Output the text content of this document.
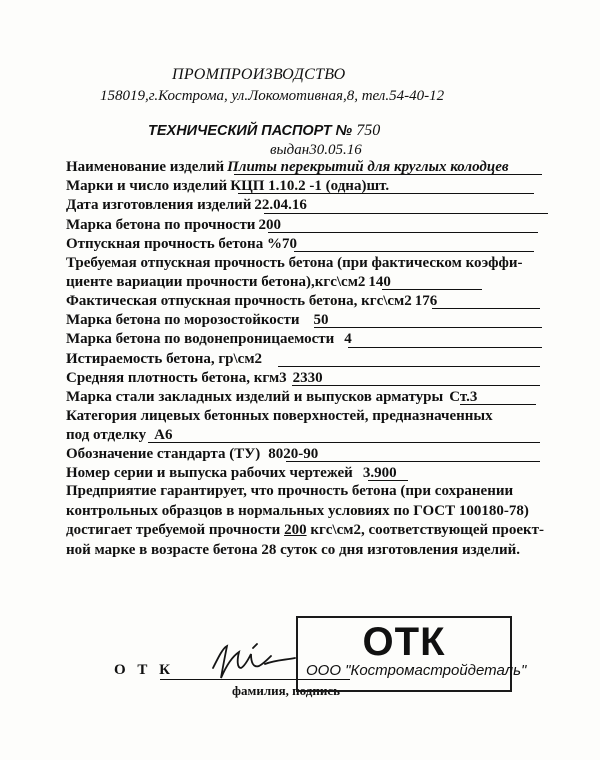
ПРОМПРОИЗВОДСТВО
158019,г.Кострома, ул.Локомотивная,8, тел.54-40-12
ТЕХНИЧЕСКИЙ ПАСПОРТ № 750
выдан30.05.16
Наименование изделий Плиты перекрытий для круглых колодцев
Марки и число изделий КЦП 1.10.2 -1 (одна)шт.
Дата изготовления изделий 22.04.16
Марка бетона по прочности 200
Отпускная прочность бетона %70
Требуемая отпускная прочность бетона (при фактическом коэффи-
циенте вариации прочности бетона),кгс\см2 140
Фактическая отпускная прочность бетона, кгс\см2 176
Марка бетона по морозостойкости 50
Марка бетона по водонепроницаемости 4
Истираемость бетона, гр\см2
Средняя плотность бетона, кгм3 2330
Марка стали закладных изделий и выпусков арматуры Ст.3
Категория лицевых бетонных поверхностей, предназначенных
под отделку А6
Обозначение стандарта (ТУ) 8020-90
Номер серии и выпуска рабочих чертежей 3.900
Предприятие гарантирует, что прочность бетона (при сохранении контрольных образцов в нормальных условиях по ГОСТ 100180-78) достигает требуемой прочности 200 кгс\см2, соответствующей проект-ной марке в возрасте бетона 28 суток со дня изготовления изделий.
О Т К
фамилия, подпись
ОТК
ООО "Костромастройдеталь"
